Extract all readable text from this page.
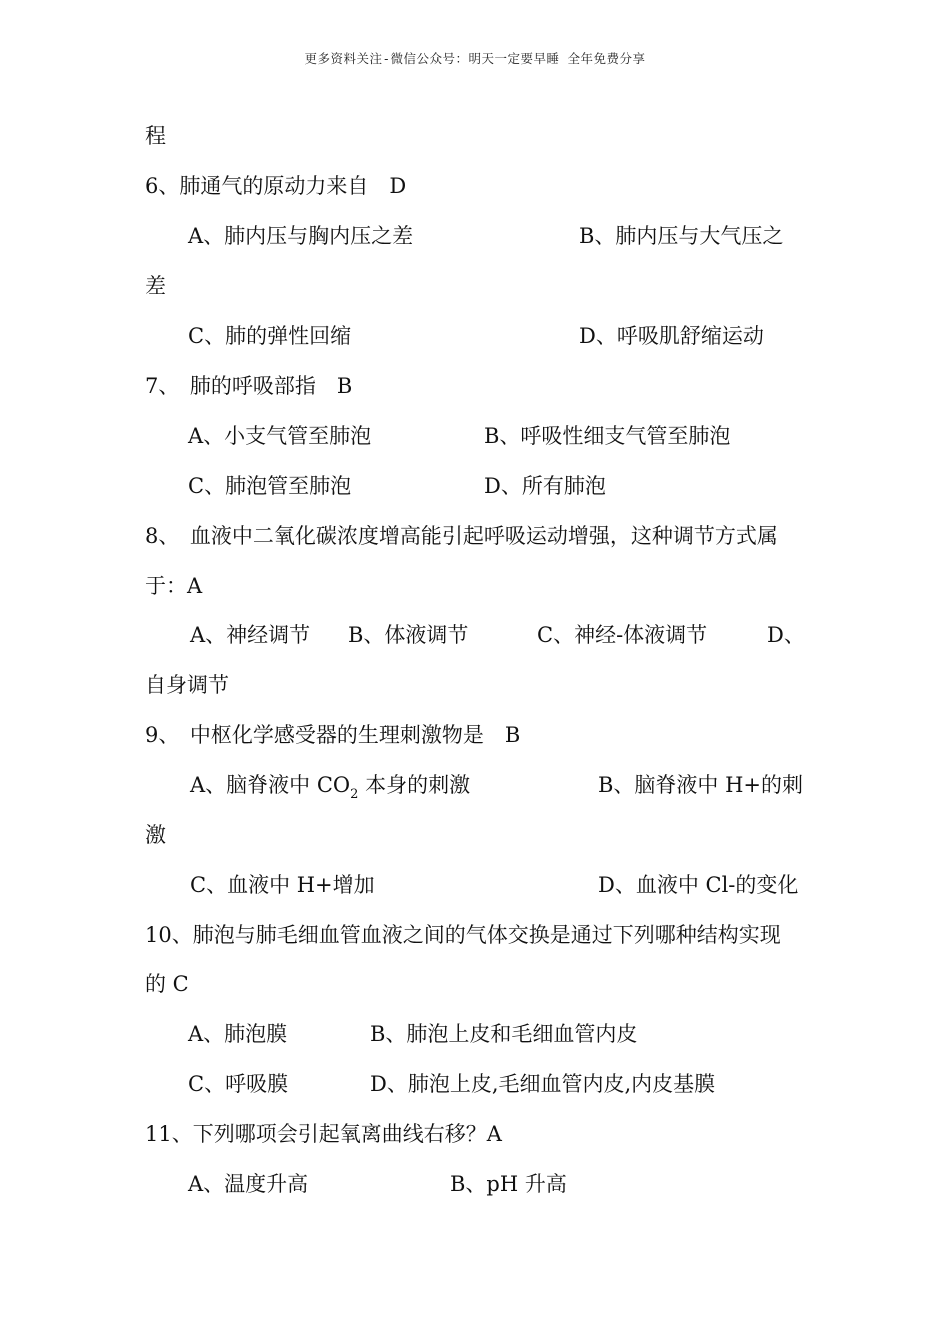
更多资料关注-微信公众号：明天一定要早睡 全年免费分享
程
6、肺通气的原动力来自　D
A、肺内压与胸内压之差	B、肺内压与大气压之
差
C、肺的弹性回缩	D、呼吸肌舒缩运动
7、　肺的呼吸部指　B
A、小支气管至肺泡	B、呼吸性细支气管至肺泡
C、肺泡管至肺泡	D、所有肺泡
8、　血液中二氧化碳浓度增高能引起呼吸运动增强，这种调节方式属
于：A
A、神经调节 B、体液调节	C、神经-体液调节	D、
自身调节
9、　中枢化学感受器的生理刺激物是　B
A、脑脊液中 $CO_2$ 本身的刺激	B、脑脊液中 H+的刺
激
C、血液中 H+增加	D、血液中 Cl-的变化
10、肺泡与肺毛细血管血液之间的气体交换是通过下列哪种结构实现
的 C
A、肺泡膜	B、肺泡上皮和毛细血管内皮
C、呼吸膜	D、肺泡上皮,毛细血管内皮,内皮基膜
11、下列哪项会引起氧离曲线右移？A
A、温度升高	B、pH 升高
